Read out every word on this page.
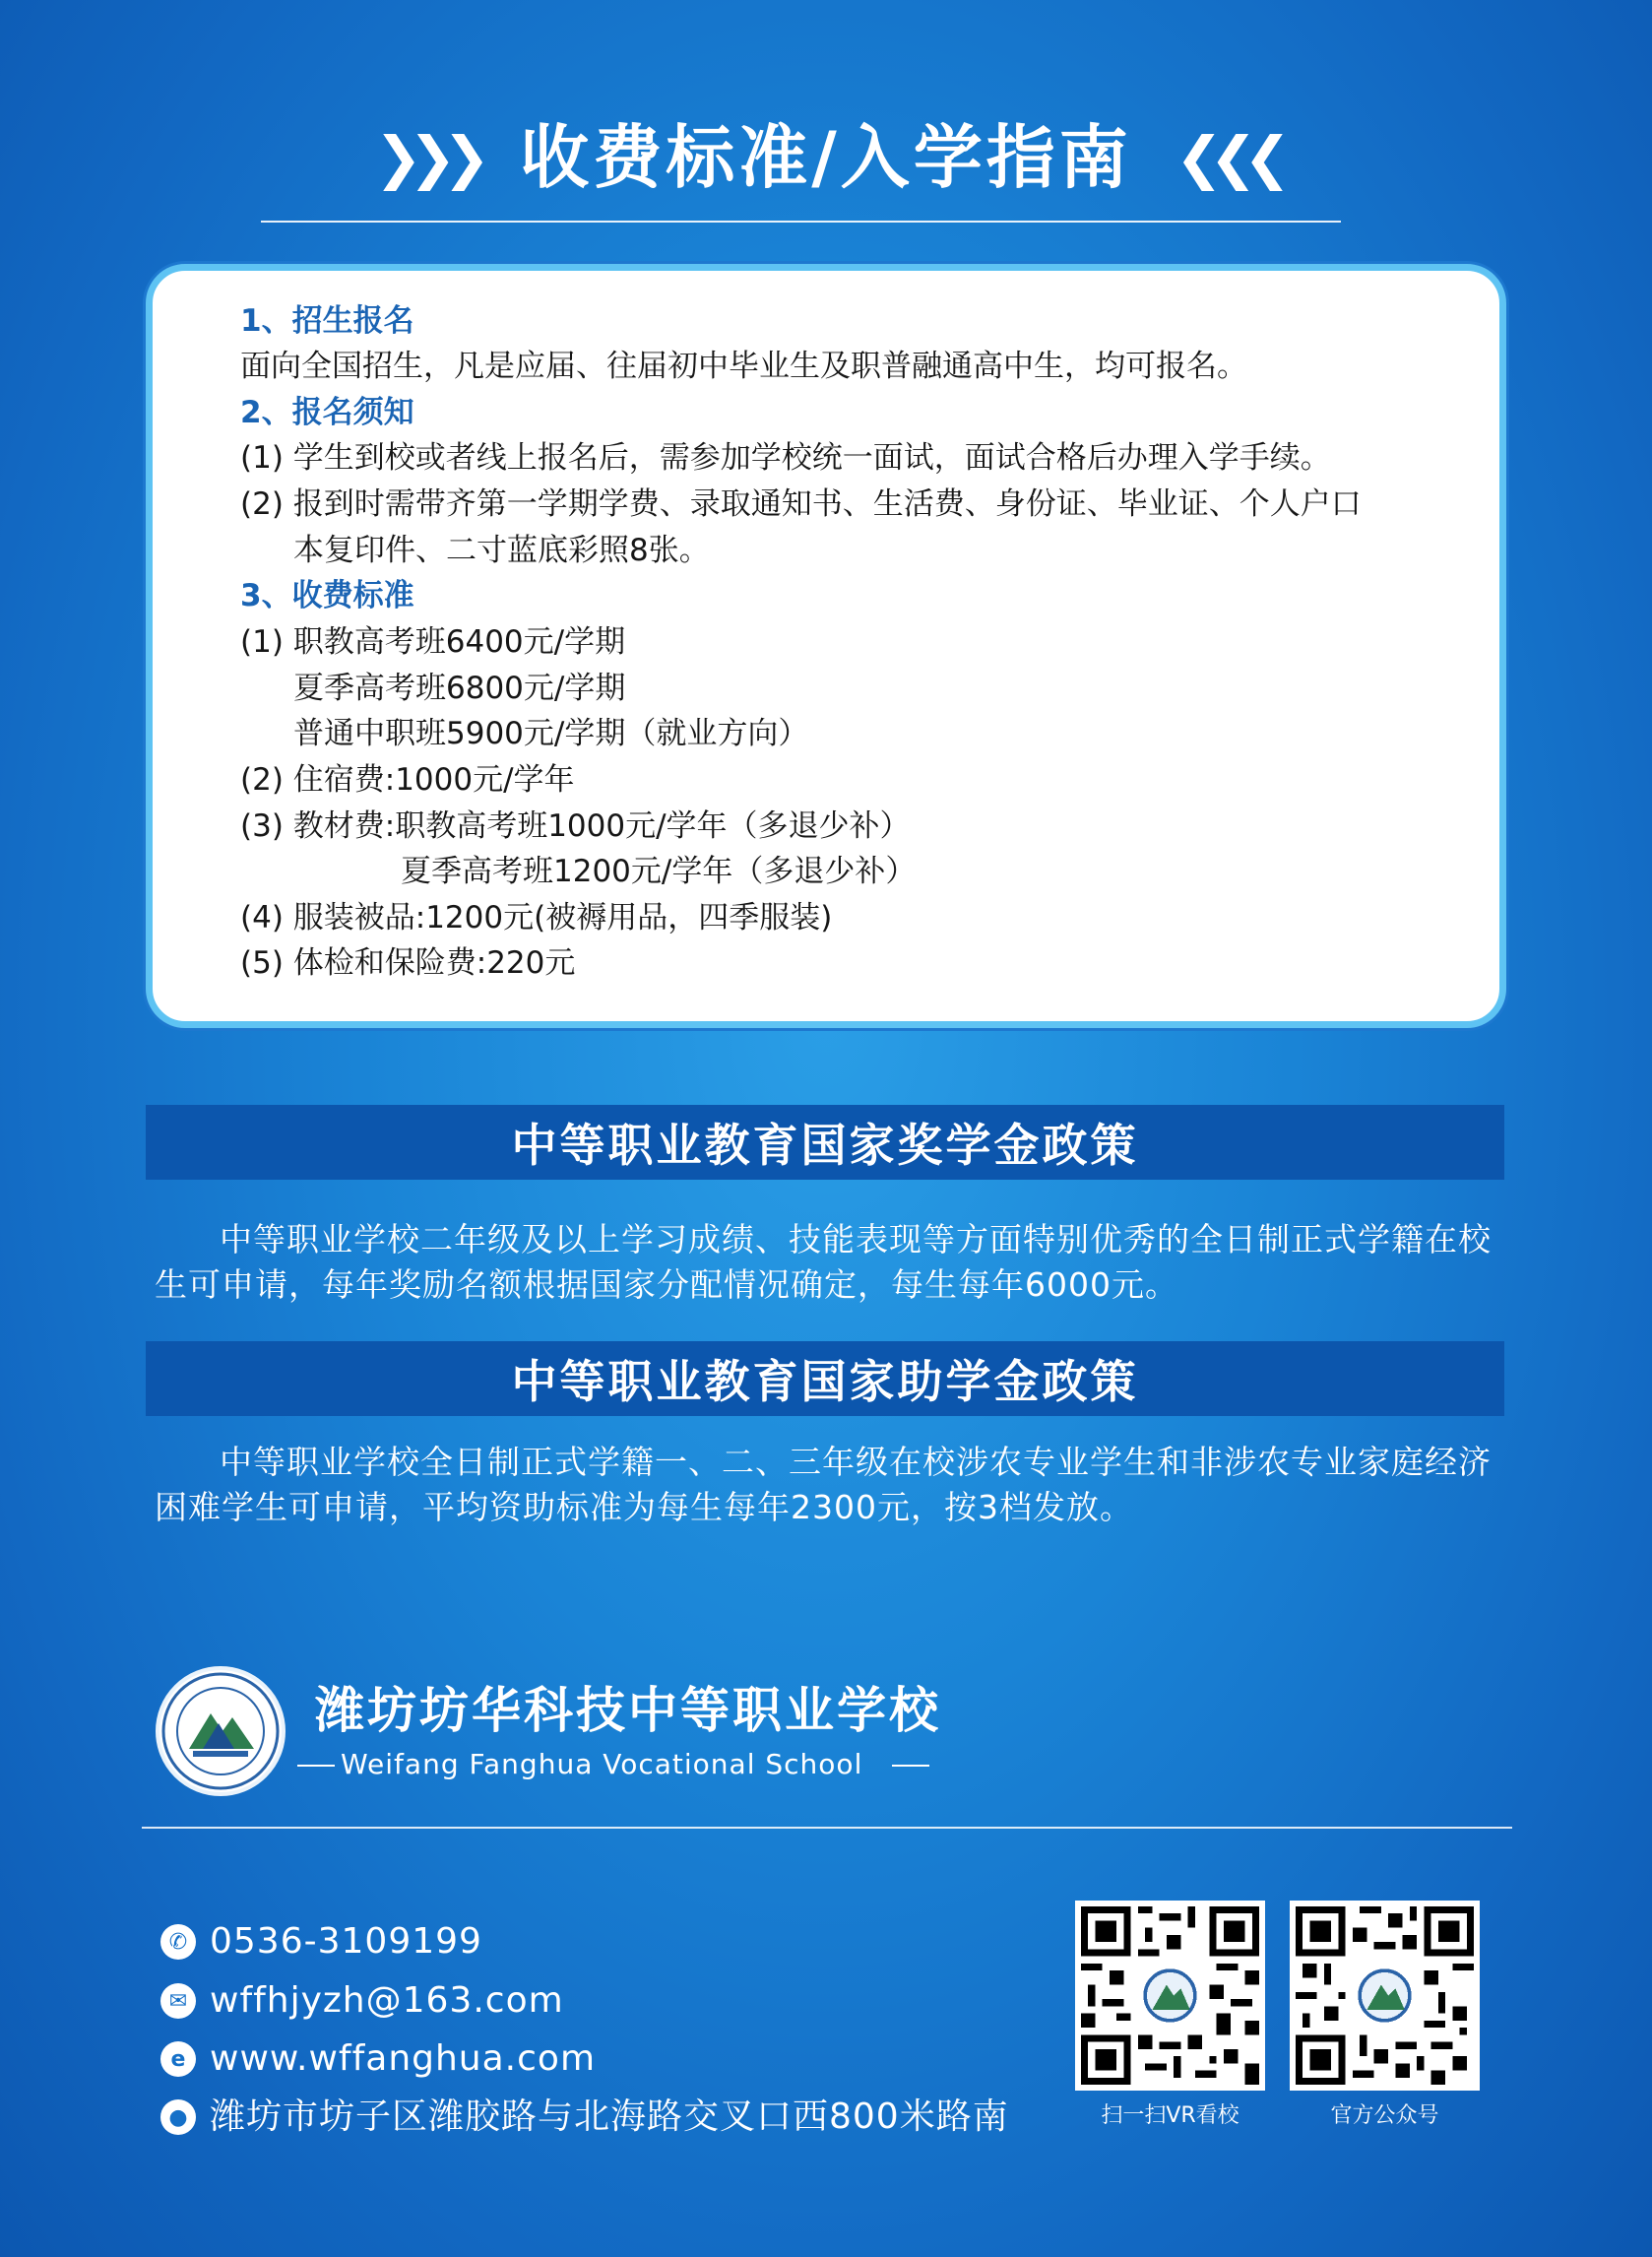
❯❯❯ 收费标准/入学指南 ❮❮❮
1、招生报名
面向全国招生，凡是应届、往届初中毕业生及职普融通高中生，均可报名。
2、报名须知
(1) 学生到校或者线上报名后，需参加学校统一面试，面试合格后办理入学手续。
(2) 报到时需带齐第一学期学费、录取通知书、生活费、身份证、毕业证、个人户口
本复印件、二寸蓝底彩照8张。
3、收费标准
(1) 职教高考班6400元/学期
夏季高考班6800元/学期
普通中职班5900元/学期（就业方向）
(2) 住宿费:1000元/学年
(3) 教材费:职教高考班1000元/学年（多退少补）
夏季高考班1200元/学年（多退少补）
(4) 服装被品:1200元(被褥用品，四季服装)
(5) 体检和保险费:220元
中等职业教育国家奖学金政策
中等职业学校二年级及以上学习成绩、技能表现等方面特别优秀的全日制正式学籍在校生可申请，每年奖励名额根据国家分配情况确定，每生每年6000元。
中等职业教育国家助学金政策
中等职业学校全日制正式学籍一、二、三年级在校涉农专业学生和非涉农专业家庭经济困难学生可申请，平均资助标准为每生每年2300元，按3档发放。
潍坊坊华科技中等职业学校
Weifang Fanghua Vocational School
✆ 0536-3109199
✉ wffhjyzh@163.com
e www.wffanghua.com
● 潍坊市坊子区潍胶路与北海路交叉口西800米路南	扫一扫VR看校	官方公众号
